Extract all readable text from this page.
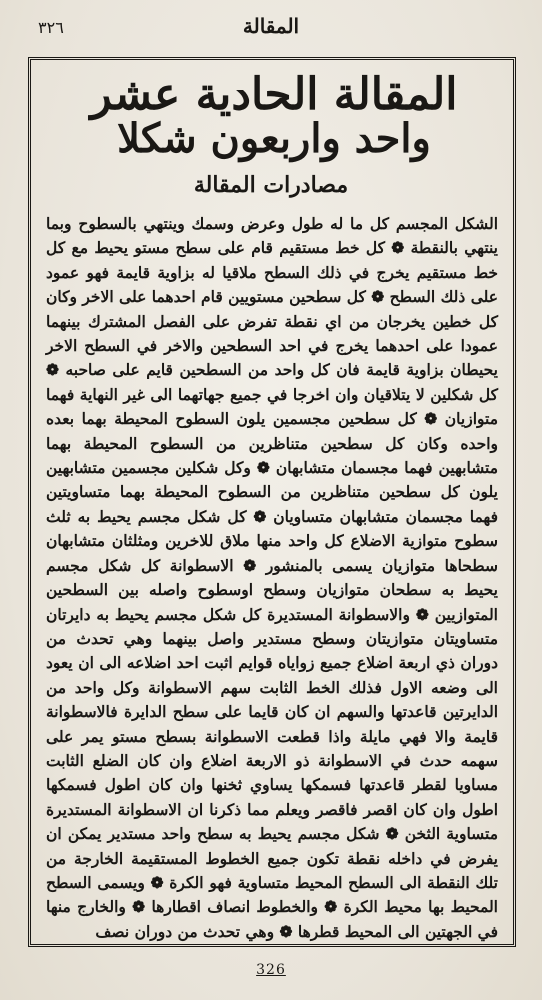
٣٢٦	المقالة
المقالة الحادية عشر
واحد واربعون شكلا
مصادرات المقالة

الشكل المجسم كل ما له طول وعرض وسمك وينتهي بالسطوح وبما ينتهي بالنقطة ❁ كل خط مستقيم قام على سطح مستو يحيط مع كل خط مستقيم يخرج في ذلك السطح ملاقيا له بزاوية قايمة فهو عمود على ذلك السطح ❁ كل سطحين مستويين قام احدهما على الاخر وكان كل خطين يخرجان من اي نقطة تفرض على الفصل المشترك بينهما عمودا على احدهما يخرج في احد السطحين والاخر في السطح الاخر يحيطان بزاوية قايمة فان كل واحد من السطحين قايم على صاحبه ❁ كل شكلين لا يتلاقيان وان اخرجا في جميع جهاتهما الى غير النهاية فهما متوازيان ❁ كل سطحين مجسمين يلون السطوح المحيطة بهما بعده واحده وكان كل سطحين متناظرين من السطوح المحيطة بهما متشابهين فهما مجسمان متشابهان ❁ وكل شكلين مجسمين متشابهين يلون كل سطحين متناظرين من السطوح المحيطة بهما متساويتين فهما مجسمان متشابهان متساويان ❁ كل شكل مجسم يحيط به ثلث سطوح متوازية الاضلاع كل واحد منها ملاق للاخرين ومثلثان متشابهان سطحاها متوازيان يسمى بالمنشور ❁ الاسطوانة كل شكل مجسم يحيط به سطحان متوازيان وسطح اوسطوح واصله بين السطحين المتوازيين ❁ والاسطوانة المستديرة كل شكل مجسم يحيط به دايرتان متساويتان متوازيتان وسطح مستدير واصل بينهما وهي تحدث من دوران ذي اربعة اضلاع جميع زواياه قوايم اثبت احد اضلاعه الى ان يعود الى وضعه الاول فذلك الخط الثابت سهم الاسطوانة وكل واحد من الدايرتين قاعدتها والسهم ان كان قايما على سطح الدايرة فالاسطوانة قايمة والا فهي مايلة واذا قطعت الاسطوانة بسطح مستو يمر على سهمه حدث في الاسطوانة ذو الاربعة اضلاع وان كان الضلع الثابت مساويا لقطر قاعدتها فسمكها يساوي ثخنها وان كان اطول فسمكها اطول وان كان اقصر فاقصر ويعلم مما ذكرنا ان الاسطوانة المستديرة متساوية الثخن ❁ شكل مجسم يحيط به سطح واحد مستدير يمكن ان يفرض في داخله نقطة تكون جميع الخطوط المستقيمة الخارجة من تلك النقطة الى السطح المحيط متساوية فهو الكرة ❁ ويسمى السطح المحيط بها محيط الكرة ❁ والخطوط انصاف اقطارها ❁ والخارج منها في الجهتين الى المحيط قطرها ❁ وهي تحدث من دوران نصف

326
